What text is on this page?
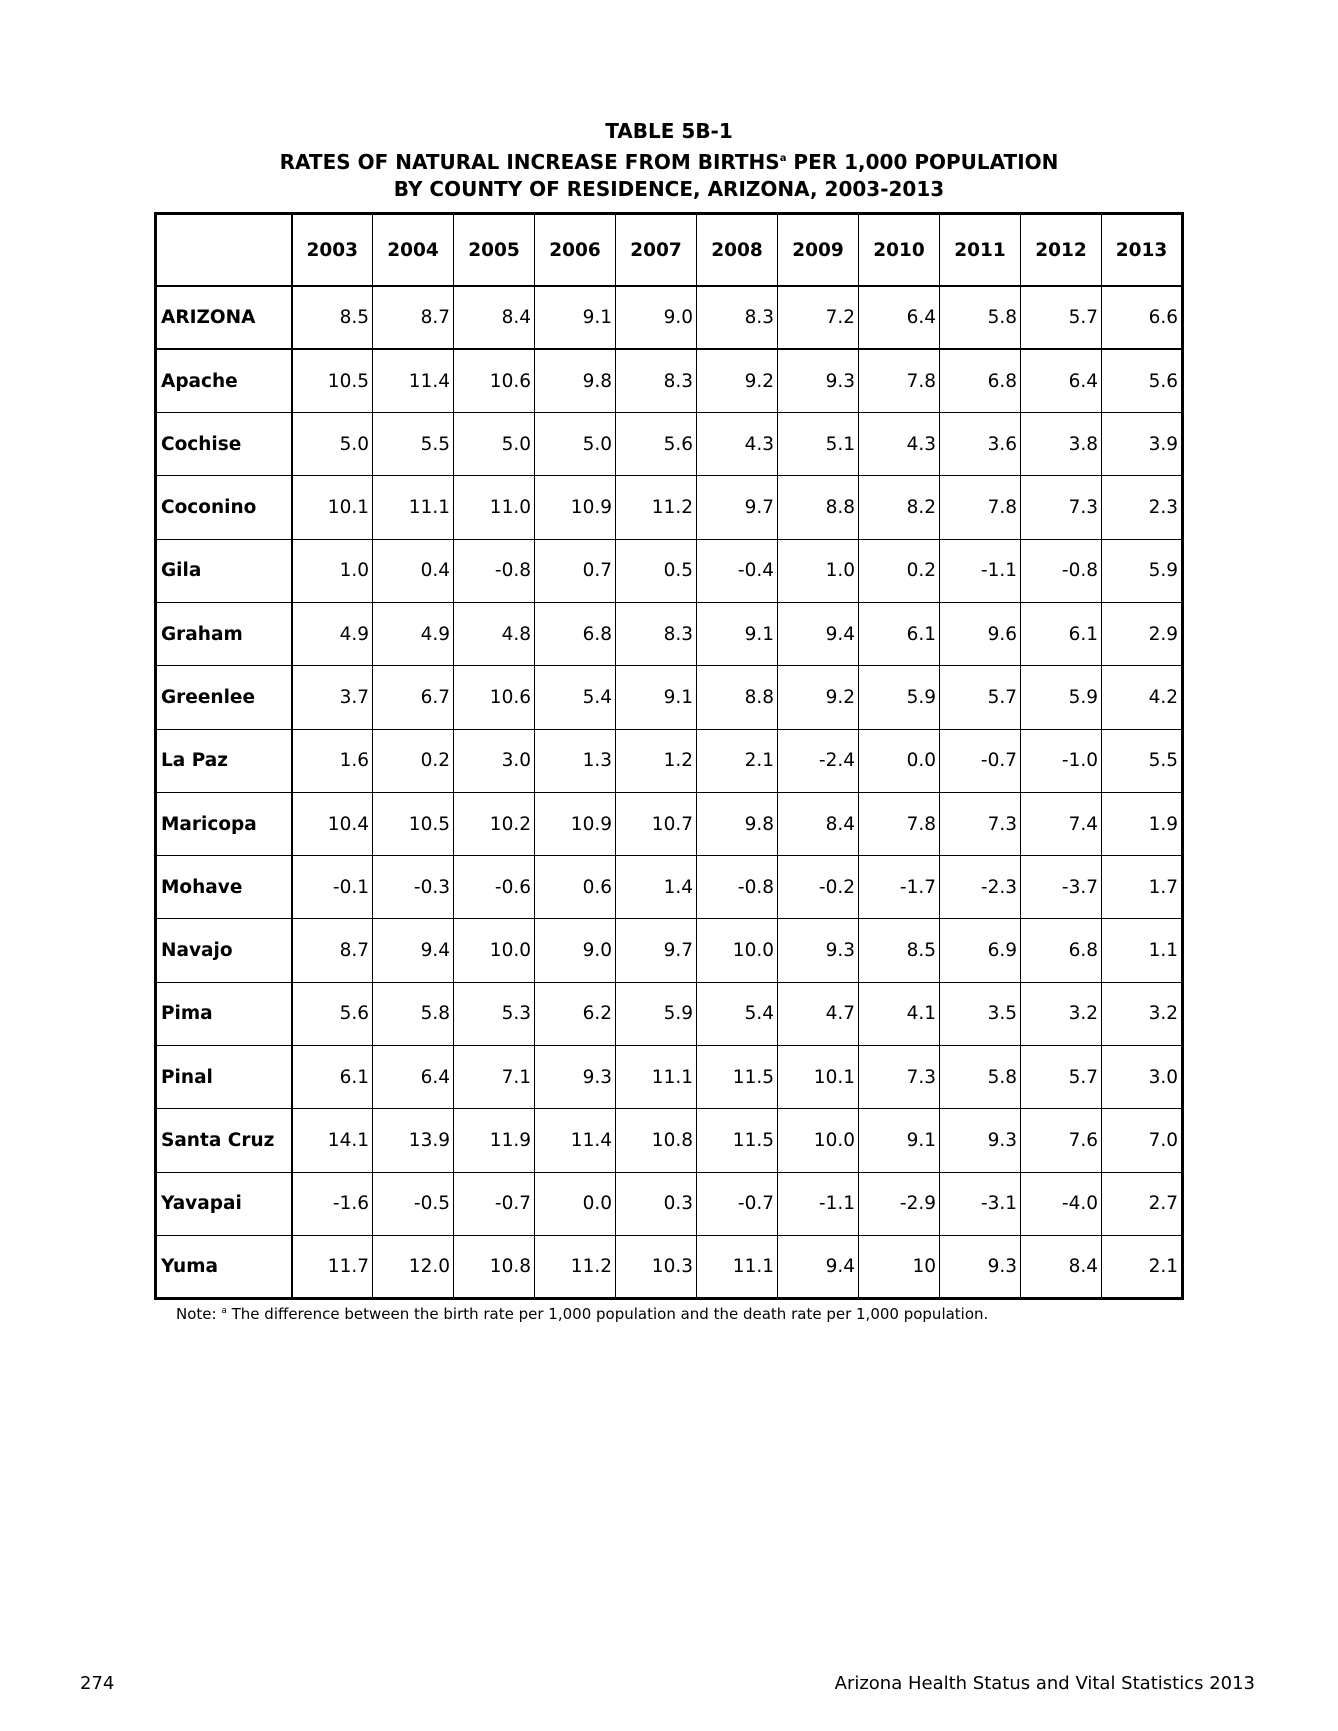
TABLE 5B-1
RATES OF NATURAL INCREASE FROM BIRTHS$^a$ PER 1,000 POPULATION
BY COUNTY OF RESIDENCE, ARIZONA, 2003-2013
	2003	2004	2005	2006	2007	2008	2009	2010	2011	2012	2013
ARIZONA	8.5	8.7	8.4	9.1	9.0	8.3	7.2	6.4	5.8	5.7	6.6
Apache	10.5	11.4	10.6	9.8	8.3	9.2	9.3	7.8	6.8	6.4	5.6
Cochise	5.0	5.5	5.0	5.0	5.6	4.3	5.1	4.3	3.6	3.8	3.9
Coconino	10.1	11.1	11.0	10.9	11.2	9.7	8.8	8.2	7.8	7.3	2.3
Gila	1.0	0.4	-0.8	0.7	0.5	-0.4	1.0	0.2	-1.1	-0.8	5.9
Graham	4.9	4.9	4.8	6.8	8.3	9.1	9.4	6.1	9.6	6.1	2.9
Greenlee	3.7	6.7	10.6	5.4	9.1	8.8	9.2	5.9	5.7	5.9	4.2
La Paz	1.6	0.2	3.0	1.3	1.2	2.1	-2.4	0.0	-0.7	-1.0	5.5
Maricopa	10.4	10.5	10.2	10.9	10.7	9.8	8.4	7.8	7.3	7.4	1.9
Mohave	-0.1	-0.3	-0.6	0.6	1.4	-0.8	-0.2	-1.7	-2.3	-3.7	1.7
Navajo	8.7	9.4	10.0	9.0	9.7	10.0	9.3	8.5	6.9	6.8	1.1
Pima	5.6	5.8	5.3	6.2	5.9	5.4	4.7	4.1	3.5	3.2	3.2
Pinal	6.1	6.4	7.1	9.3	11.1	11.5	10.1	7.3	5.8	5.7	3.0
Santa Cruz	14.1	13.9	11.9	11.4	10.8	11.5	10.0	9.1	9.3	7.6	7.0
Yavapai	-1.6	-0.5	-0.7	0.0	0.3	-0.7	-1.1	-2.9	-3.1	-4.0	2.7
Yuma	11.7	12.0	10.8	11.2	10.3	11.1	9.4	10	9.3	8.4	2.1
Note: $^a$ The difference between the birth rate per 1,000 population and the death rate per 1,000 population.
274	Arizona Health Status and Vital Statistics 2013
